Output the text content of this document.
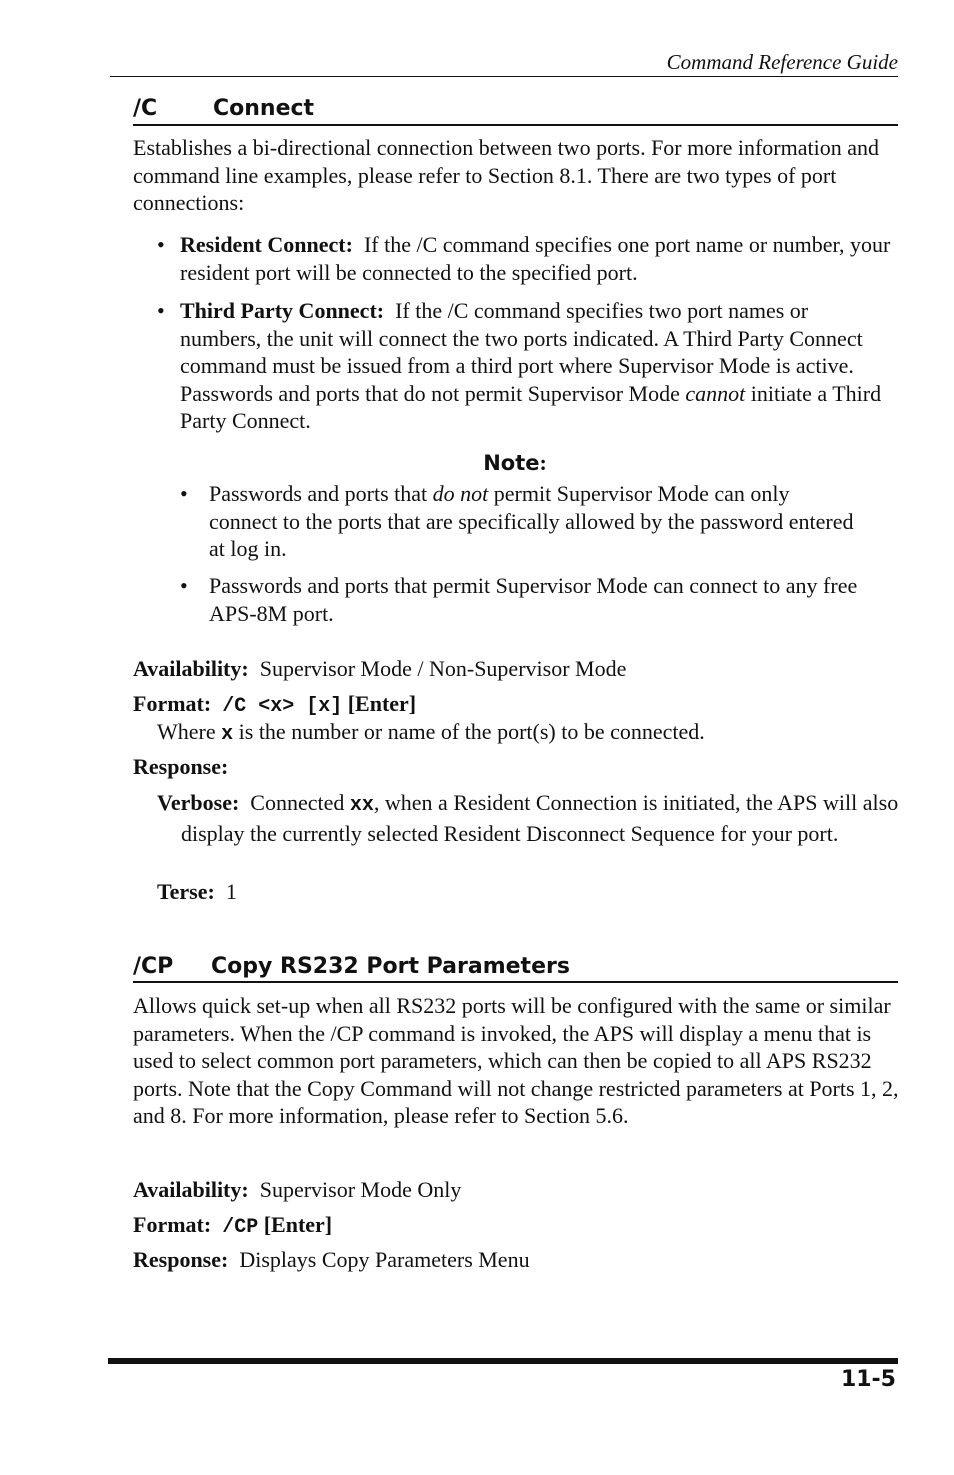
Command Reference Guide
/C	Connect
Establishes a bi-directional connection between two ports. For more information and command line examples, please refer to Section 8.1. There are two types of port connections:
• Resident Connect: If the /C command specifies one port name or number, your resident port will be connected to the specified port.
• Third Party Connect: If the /C command specifies two port names or numbers, the unit will connect the two ports indicated. A Third Party Connect command must be issued from a third port where Supervisor Mode is active. Passwords and ports that do not permit Supervisor Mode cannot initiate a Third Party Connect.
Note:
• Passwords and ports that do not permit Supervisor Mode can only connect to the ports that are specifically allowed by the password entered at log in.
• Passwords and ports that permit Supervisor Mode can connect to any free APS-8M port.
Availability: Supervisor Mode / Non-Supervisor Mode
Format: /C <x> [x] [Enter]
Where x is the number or name of the port(s) to be connected.
Response:
Verbose: Connected xx, when a Resident Connection is initiated, the APS will also display the currently selected Resident Disconnect Sequence for your port.
Terse: 1
/CP Copy RS232 Port Parameters
Allows quick set-up when all RS232 ports will be configured with the same or similar parameters. When the /CP command is invoked, the APS will display a menu that is used to select common port parameters, which can then be copied to all APS RS232 ports. Note that the Copy Command will not change restricted parameters at Ports 1, 2, and 8. For more information, please refer to Section 5.6.
Availability: Supervisor Mode Only
Format: /CP [Enter]
Response: Displays Copy Parameters Menu
11-5
